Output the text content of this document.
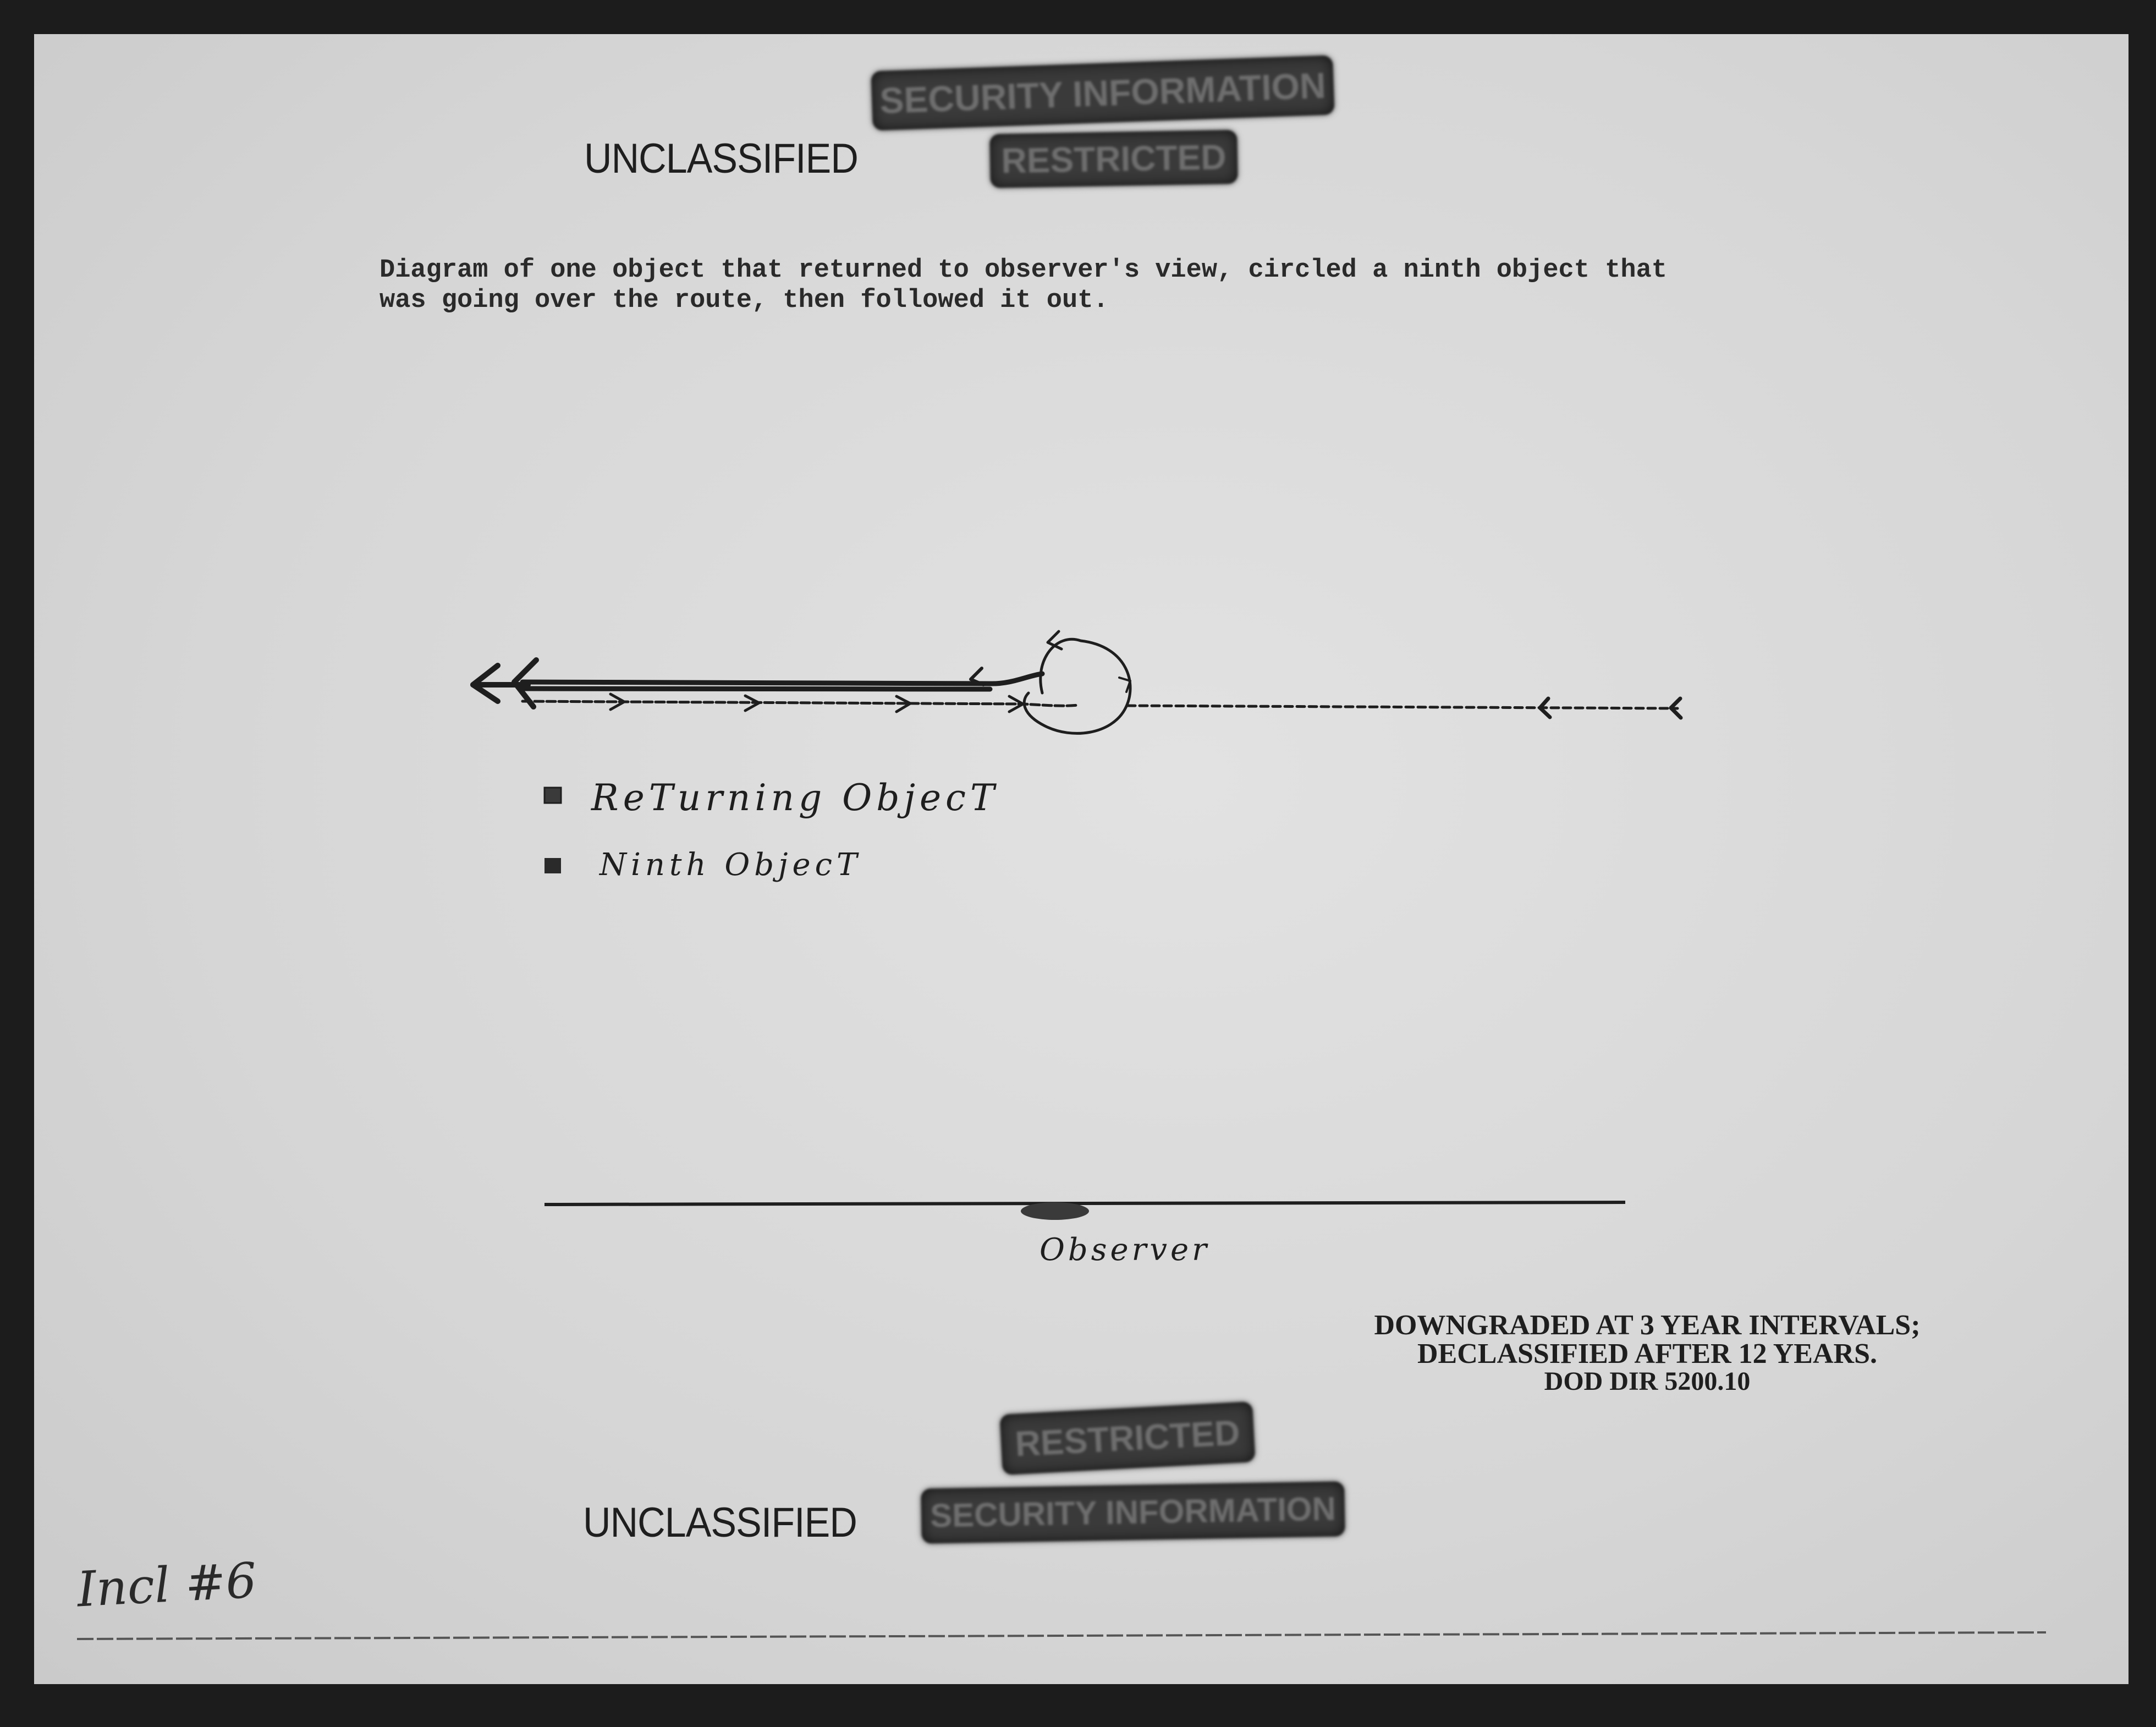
UNCLASSIFIED
SECURITY INFORMATION
RESTRICTED
Diagram of one object that returned to observer's view, circled a ninth object that
was going over the route, then followed it out.
ReTurning ObjecT
Ninth ObjecT
Observer
DOWNGRADED AT 3 YEAR INTERVALS;
DECLASSIFIED AFTER 12 YEARS.
DOD DIR 5200.10
RESTRICTED
UNCLASSIFIED SECURITY INFORMATION
Incl #6
